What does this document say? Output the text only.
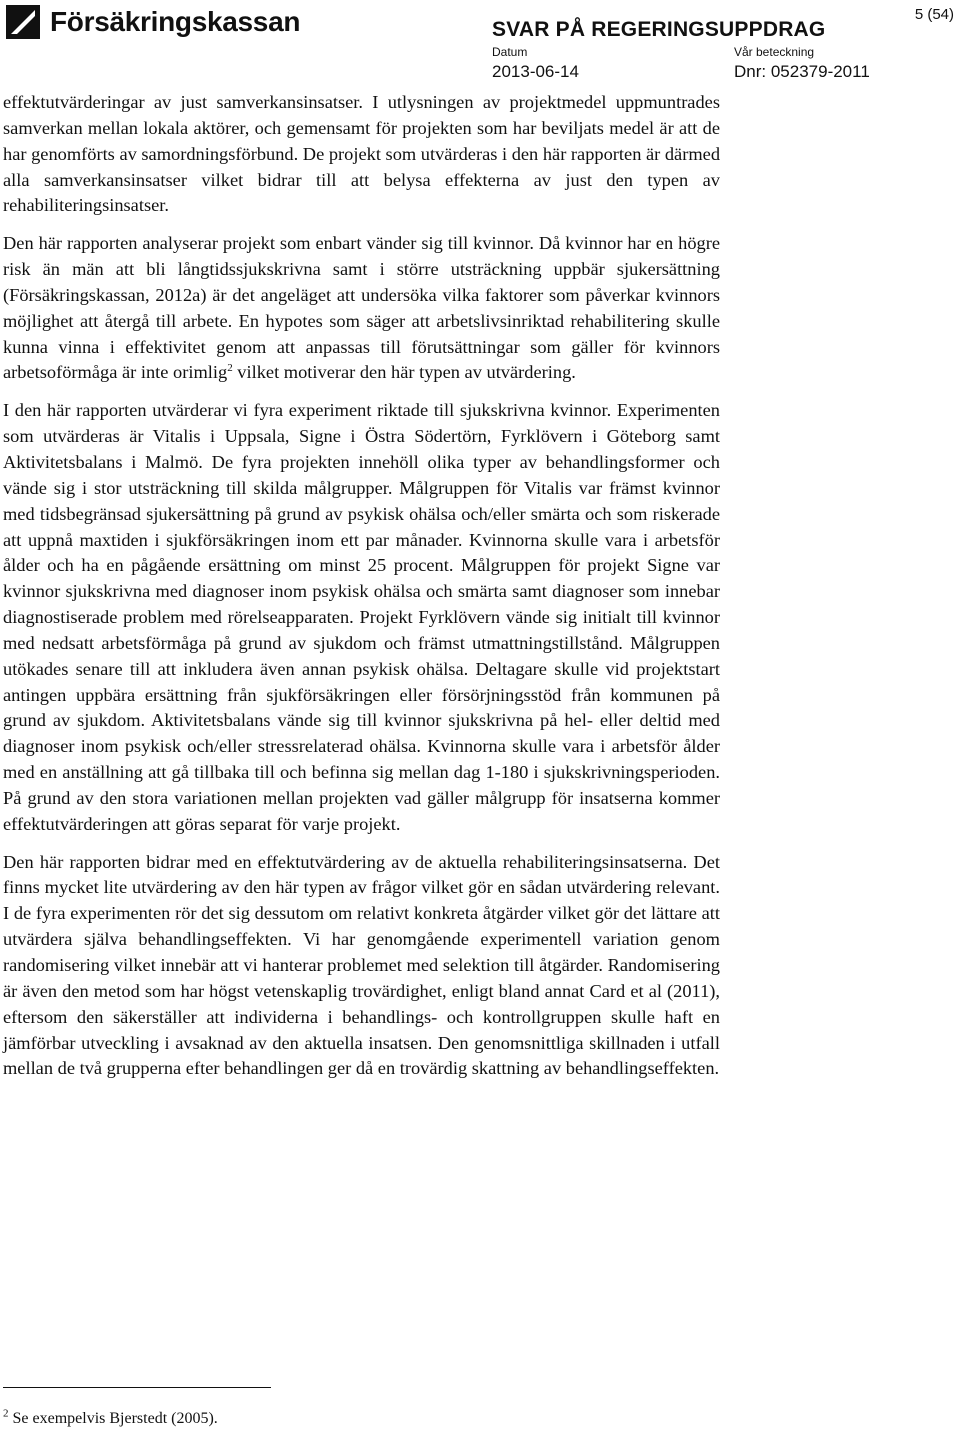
Försäkringskassan	SVAR PÅ REGERINGSUPPDRAG
Datum
2013-06-14
Vår beteckning
Dnr: 052379-2011
5 (54)

effektutvärderingar av just samverkansinsatser. I utlysningen av projektmedel uppmuntrades samverkan mellan lokala aktörer, och gemensamt för projekten som har beviljats medel är att de har genomförts av samordningsförbund. De projekt som utvärderas i den här rapporten är därmed alla samverkansinsatser vilket bidrar till att belysa effekterna av just den typen av rehabiliteringsinsatser.

Den här rapporten analyserar projekt som enbart vänder sig till kvinnor. Då kvinnor har en högre risk än män att bli långtidssjukskrivna samt i större utsträckning uppbär sjukersättning (Försäkringskassan, 2012a) är det angeläget att undersöka vilka faktorer som påverkar kvinnors möjlighet att återgå till arbete. En hypotes som säger att arbetslivsinriktad rehabilitering skulle kunna vinna i effektivitet genom att anpassas till förutsättningar som gäller för kvinnors arbetsoförmåga är inte orimlig$^2$ vilket motiverar den här typen av utvärdering.

I den här rapporten utvärderar vi fyra experiment riktade till sjukskrivna kvinnor. Experimenten som utvärderas är Vitalis i Uppsala, Signe i Östra Södertörn, Fyrklövern i Göteborg samt Aktivitetsbalans i Malmö. De fyra projekten innehöll olika typer av behandlingsformer och vände sig i stor utsträckning till skilda målgrupper. Målgruppen för Vitalis var främst kvinnor med tidsbegränsad sjukersättning på grund av psykisk ohälsa och/eller smärta och som riskerade att uppnå maxtiden i sjukförsäkringen inom ett par månader. Kvinnorna skulle vara i arbetsför ålder och ha en pågående ersättning om minst 25 procent. Målgruppen för projekt Signe var kvinnor sjukskrivna med diagnoser inom psykisk ohälsa och smärta samt diagnoser som innebar diagnostiserade problem med rörelseapparaten. Projekt Fyrklövern vände sig initialt till kvinnor med nedsatt arbetsförmåga på grund av sjukdom och främst utmattningstillstånd. Målgruppen utökades senare till att inkludera även annan psykisk ohälsa. Deltagare skulle vid projektstart antingen uppbära ersättning från sjukförsäkringen eller försörjningsstöd från kommunen på grund av sjukdom. Aktivitetsbalans vände sig till kvinnor sjukskrivna på hel- eller deltid med diagnoser inom psykisk och/eller stressrelaterad ohälsa. Kvinnorna skulle vara i arbetsför ålder med en anställning att gå tillbaka till och befinna sig mellan dag 1-180 i sjukskrivningsperioden. På grund av den stora variationen mellan projekten vad gäller målgrupp för insatserna kommer effektutvärderingen att göras separat för varje projekt.

Den här rapporten bidrar med en effektutvärdering av de aktuella rehabiliteringsinsatserna. Det finns mycket lite utvärdering av den här typen av frågor vilket gör en sådan utvärdering relevant. I de fyra experimenten rör det sig dessutom om relativt konkreta åtgärder vilket gör det lättare att utvärdera själva behandlingseffekten. Vi har genomgående experimentell variation genom randomisering vilket innebär att vi hanterar problemet med selektion till åtgärder. Randomisering är även den metod som har högst vetenskaplig trovärdighet, enligt bland annat Card et al (2011), eftersom den säkerställer att individerna i behandlings- och kontrollgruppen skulle haft en jämförbar utveckling i avsaknad av den aktuella insatsen. Den genomsnittliga skillnaden i utfall mellan de två grupperna efter behandlingen ger då en trovärdig skattning av behandlingseffekten.

$^2$ Se exempelvis Bjerstedt (2005).
